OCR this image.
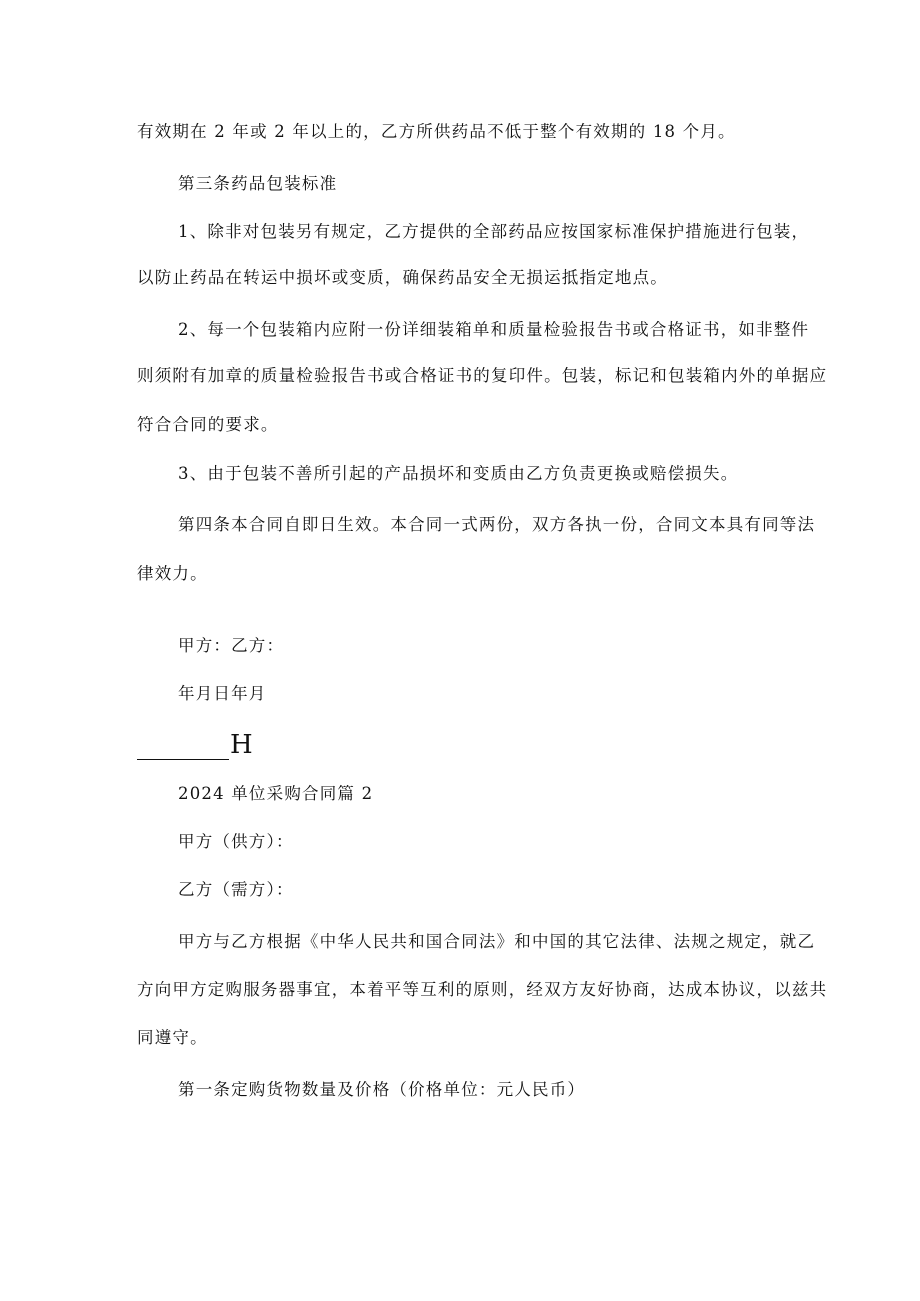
有效期在 2 年或 2 年以上的，乙方所供药品不低于整个有效期的 18 个月。
第三条药品包装标准
1、除非对包装另有规定，乙方提供的全部药品应按国家标准保护措施进行包装，
以防止药品在转运中损坏或变质，确保药品安全无损运抵指定地点。
2、每一个包装箱内应附一份详细装箱单和质量检验报告书或合格证书，如非整件
则须附有加章的质量检验报告书或合格证书的复印件。包装，标记和包装箱内外的单据应
符合合同的要求。
3、由于包装不善所引起的产品损坏和变质由乙方负责更换或赔偿损失。
第四条本合同自即日生效。本合同一式两份，双方各执一份，合同文本具有同等法
律效力。
甲方：乙方：
年月日年月
H
2024 单位采购合同篇 2
甲方（供方）：
乙方（需方）：
甲方与乙方根据《中华人民共和国合同法》和中国的其它法律、法规之规定，就乙
方向甲方定购服务器事宜，本着平等互利的原则，经双方友好协商，达成本协议，以兹共
同遵守。
第一条定购货物数量及价格（价格单位：元人民币）
